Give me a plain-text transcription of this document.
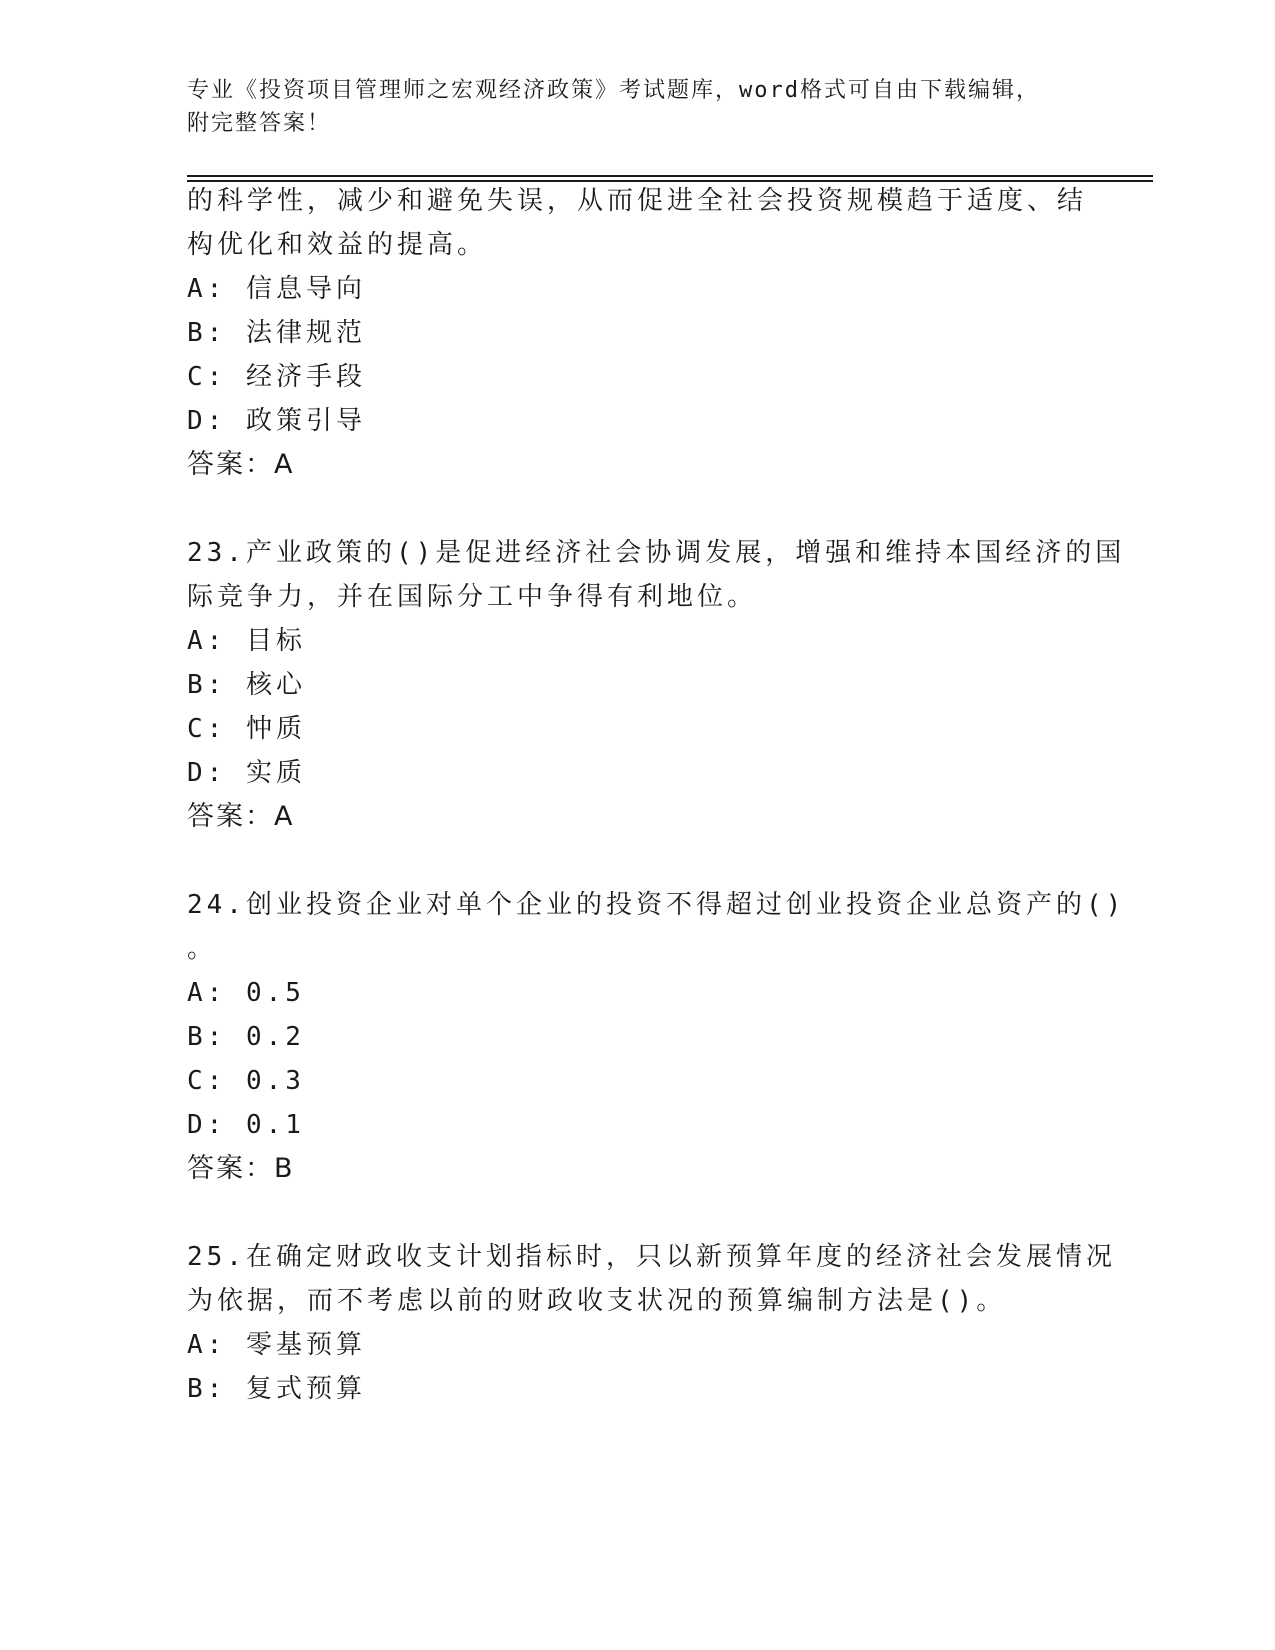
专业《投资项目管理师之宏观经济政策》考试题库，word格式可自由下载编辑，
附完整答案！
的科学性，减少和避免失误，从而促进全社会投资规模趋于适度、结
构优化和效益的提高。
A: 信息导向
B: 法律规范
C: 经济手段
D: 政策引导
答案：A
23.产业政策的()是促进经济社会协调发展，增强和维持本国经济的国
际竞争力，并在国际分工中争得有利地位。
A: 目标
B: 核心
C: 忡质
D: 实质
答案：A
24.创业投资企业对单个企业的投资不得超过创业投资企业总资产的()
。
A: 0.5
B: 0.2
C: 0.3
D: 0.1
答案：B
25.在确定财政收支计划指标时，只以新预算年度的经济社会发展情况
为依据，而不考虑以前的财政收支状况的预算编制方法是()。
A: 零基预算
B: 复式预算
